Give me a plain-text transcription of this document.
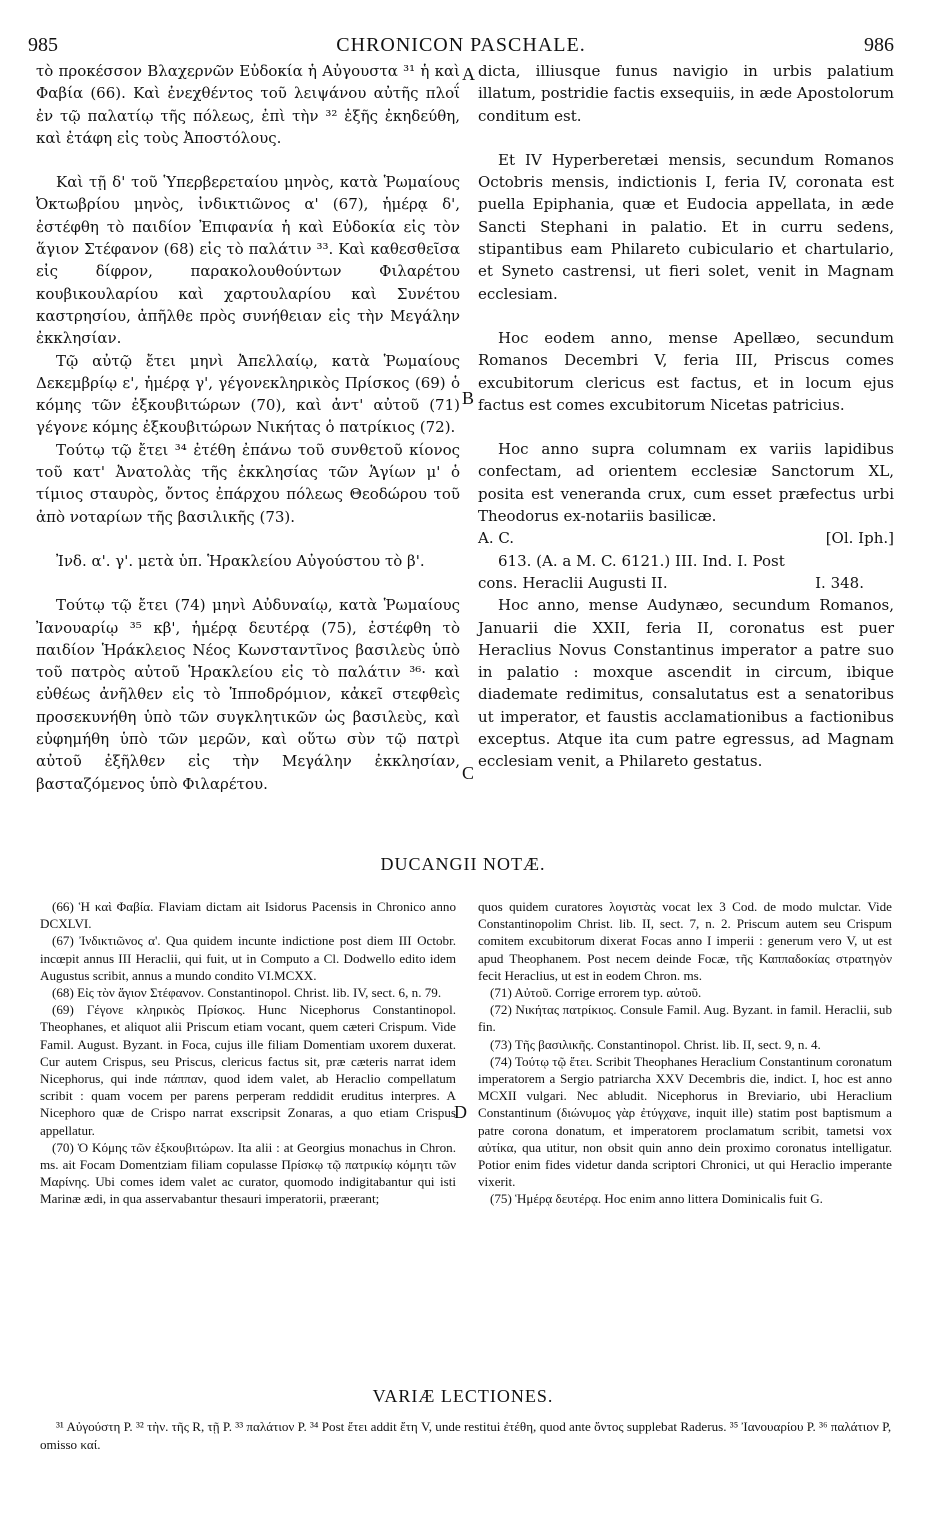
985	CHRONICON PASCHALE.	986
A
B
C
D

τὸ προκέσσον Βλαχερνῶν Εὐδοκία ἡ Αὐγουστα ³¹ ἡ καὶ Φαβία (66). Καὶ ἐνεχθέντος τοῦ λειψάνου αὐτῆς πλοΐ ἐν τῷ παλατίῳ τῆς πόλεως, ἐπὶ τὴν ³² ἑξῆς ἐκηδεύθη, καὶ ἐτάφη εἰς τοὺς Ἀποστόλους.

Καὶ τῇ δ' τοῦ Ὑπερβερεταίου μηνὸς, κατὰ Ῥωμαίους Ὀκτωβρίου μηνὸς, ἰνδικτιῶνος α' (67), ἡμέρᾳ δ', ἐστέφθη τὸ παιδίον Ἐπιφανία ἡ καὶ Εὐδοκία εἰς τὸν ἅγιον Στέφανον (68) εἰς τὸ παλάτιν ³³. Καὶ καθεσθεῖσα εἰς δίφρον, παρακολουθούντων Φιλαρέτου κουβικουλαρίου καὶ χαρτουλαρίου καὶ Συνέτου καστρησίου, ἀπῆλθε πρὸς συνήθειαν εἰς τὴν Μεγάλην ἐκκλησίαν.

Τῷ αὐτῷ ἔτει μηνὶ Ἀπελλαίῳ, κατὰ Ῥωμαίους Δεκεμβρίῳ ε', ἡμέρᾳ γ', γέγονεκληρικὸς Πρίσκος (69) ὁ κόμης τῶν ἐξκουβιτώρων (70), καὶ ἀντ' αὐτοῦ (71) γέγονε κόμης ἐξκουβιτώρων Νικήτας ὁ πατρίκιος (72).

Τούτῳ τῷ ἔτει ³⁴ ἐτέθη ἐπάνω τοῦ συνθετοῦ κίονος τοῦ κατ' Ἀνατολὰς τῆς ἐκκλησίας τῶν Ἁγίων μ' ὁ τίμιος σταυρὸς, ὄντος ἐπάρχου πόλεως Θεοδώρου τοῦ ἀπὸ νοταρίων τῆς βασιλικῆς (73).

Ἰνδ. α'. γ'. μετὰ ὑπ. Ἡρακλείου Αὐγούστου τὸ β'.

Τούτῳ τῷ ἔτει (74) μηνὶ Αὐδυναίῳ, κατὰ Ῥωμαίους Ἰανουαρίῳ ³⁵ κβ', ἡμέρᾳ δευτέρᾳ (75), ἐστέφθη τὸ παιδίον Ἡράκλειος Νέος Κωνσταντῖνος βασιλεὺς ὑπὸ τοῦ πατρὸς αὐτοῦ Ἡρακλείου εἰς τὸ παλάτιν ³⁶· καὶ εὐθέως ἀνῆλθεν εἰς τὸ Ἱπποδρόμιον, κἀκεῖ στεφθεὶς προσεκυνήθη ὑπὸ τῶν συγκλητικῶν ὡς βασιλεὺς, καὶ εὐφημήθη ὑπὸ τῶν μερῶν, καὶ οὕτω σὺν τῷ πατρὶ αὐτοῦ ἐξῆλθεν εἰς τὴν Μεγάλην ἐκκλησίαν, βασταζόμενος ὑπὸ Φιλαρέτου.

dicta, illiusque funus navigio in urbis palatium illatum, postridie factis exsequiis, in æde Apostolorum conditum est.

Et IV Hyperberetæi mensis, secundum Romanos Octobris mensis, indictionis I, feria IV, coronata est puella Epiphania, quæ et Eudocia appellata, in æde Sancti Stephani in palatio. Et in curru sedens, stipantibus eam Philareto cubiculario et chartulario, et Syneto castrensi, ut fieri solet, venit in Magnam ecclesiam.

Hoc eodem anno, mense Apellæo, secundum Romanos Decembri V, feria III, Priscus comes excubitorum clericus est factus, et in locum ejus factus est comes excubitorum Nicetas patricius.

Hoc anno supra columnam ex variis lapidibus confectam, ad orientem ecclesiæ Sanctorum XL, posita est veneranda crux, cum esset præfectus urbi Theodorus ex-notariis basilicæ.

A. C.	[Ol. Iph.]
613. (A. a M. C. 6121.) III. Ind. I. Post
cons. Heraclii Augusti II.	I. 348.

Hoc anno, mense Audynæo, secundum Romanos, Januarii die XXII, feria II, coronatus est puer Heraclius Novus Constantinus imperator a patre suo in palatio : moxque ascendit in circum, ibique diademate redimitus, consalutatus est a senatoribus ut imperator, et faustis acclamationibus a factionibus exceptus. Atque ita cum patre egressus, ad Magnam ecclesiam venit, a Philareto gestatus.

DUCANGII NOTÆ.

(66) Ἡ καὶ Φαβία. Flaviam dictam ait Isidorus Pacensis in Chronico anno DCXLVI.

(67) Ἰνδικτιῶνος α'. Qua quidem incunte indictione post diem III Octobr. incœpit annus III Heraclii, qui fuit, ut in Computo a Cl. Dodwello edito idem Augustus scribit, annus a mundo condito VI.MCXX.

(68) Εἰς τὸν ἅγιον Στέφανον. Constantinopol. Christ. lib. IV, sect. 6, n. 79.

(69) Γέγονε κληρικὸς Πρίσκος. Hunc Nicephorus Constantinopol. Theophanes, et aliquot alii Priscum etiam vocant, quem cæteri Crispum. Vide Famil. August. Byzant. in Foca, cujus ille filiam Domentiam uxorem duxerat. Cur autem Crispus, seu Priscus, clericus factus sit, præ cæteris narrat idem Nicephorus, qui inde πάππαν, quod idem valet, ab Heraclio compellatum scribit : quam vocem per parens perperam reddidit eruditus interpres. A Nicephoro quæ de Crispo narrat exscripsit Zonaras, a quo etiam Crispus appellatur.

(70) Ὁ Κόμης τῶν ἐξκουβιτώρων. Ita alii : at Georgius monachus in Chron. ms. ait Focam Domentziam filiam copulasse Πρίσκῳ τῷ πατρικίῳ κόμητι τῶν Μαρίνης. Ubi comes idem valet ac curator, quomodo indigitabantur qui isti Marinæ ædi, in qua asservabantur thesauri imperatorii, præerant;

quos quidem curatores λογιστὰς vocat lex 3 Cod. de modo mulctar. Vide Constantinopolim Christ. lib. II, sect. 7, n. 2. Priscum autem seu Crispum comitem excubitorum dixerat Focas anno I imperii : generum vero V, ut est apud Theophanem. Post necem deinde Focæ, τῆς Καππαδοκίας στρατηγὸν fecit Heraclius, ut est in eodem Chron. ms.

(71) Αὐτοῦ. Corrige errorem typ. αὐτοῦ.

(72) Νικήτας πατρίκιος. Consule Famil. Aug. Byzant. in famil. Heraclii, sub fin.

(73) Τῆς βασιλικῆς. Constantinopol. Christ. lib. II, sect. 9, n. 4.

(74) Τούτῳ τῷ ἔτει. Scribit Theophanes Heraclium Constantinum coronatum imperatorem a Sergio patriarcha XXV Decembris die, indict. I, hoc est anno MCXII vulgari. Nec abludit. Nicephorus in Breviario, ubi Heraclium Constantinum (διώνυμος γὰρ ἐτύγχανε, inquit ille) statim post baptismum a patre corona donatum, et imperatorem proclamatum scribit, tametsi vox αὐτίκα, qua utitur, non obsit quin anno dein proximo coronatus intelligatur. Potior enim fides videtur danda scriptori Chronici, ut qui Heraclio imperante vixerit.

(75) Ἡμέρᾳ δευτέρᾳ. Hoc enim anno littera Dominicalis fuit G.

VARIÆ LECTIONES.
³¹ Αὐγούστη P. ³² τὴν. τῆς R, τῇ P. ³³ παλάτιον P. ³⁴ Post ἔτει addit ἔτη V, unde restitui ἐτέθη, quod ante ὄντος supplebat Raderus. ³⁵ Ἰανουαρίου P. ³⁶ παλάτιον P, omisso καί.
